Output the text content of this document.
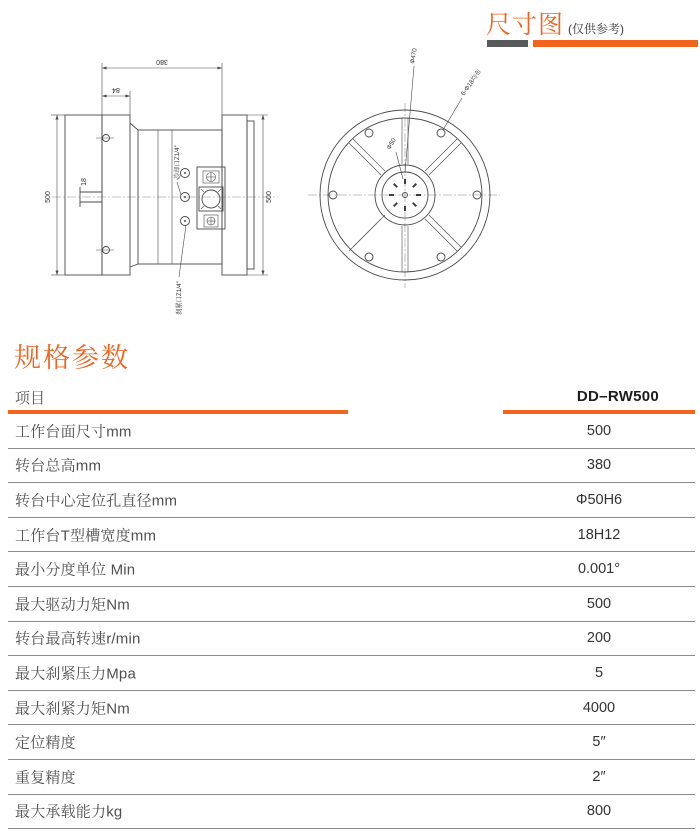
尺寸图 (仅供参考)
380
84
500	500
18
冷却口Z1/4″
刹紧口Z1/4″
Φ470
6-Φ18均布
Φ50
规格参数
项目	DD–RW500
工作台面尺寸mm	500
转台总高mm	380
转台中心定位孔直径mm	Φ50H6
工作台T型槽宽度mm	18H12
最小分度单位 Min	0.001°
最大驱动力矩Nm	500
转台最高转速r/min	200
最大刹紧压力Mpa	5
最大刹紧力矩Nm	4000
定位精度	5″
重复精度	2″
最大承载能力kg	800
